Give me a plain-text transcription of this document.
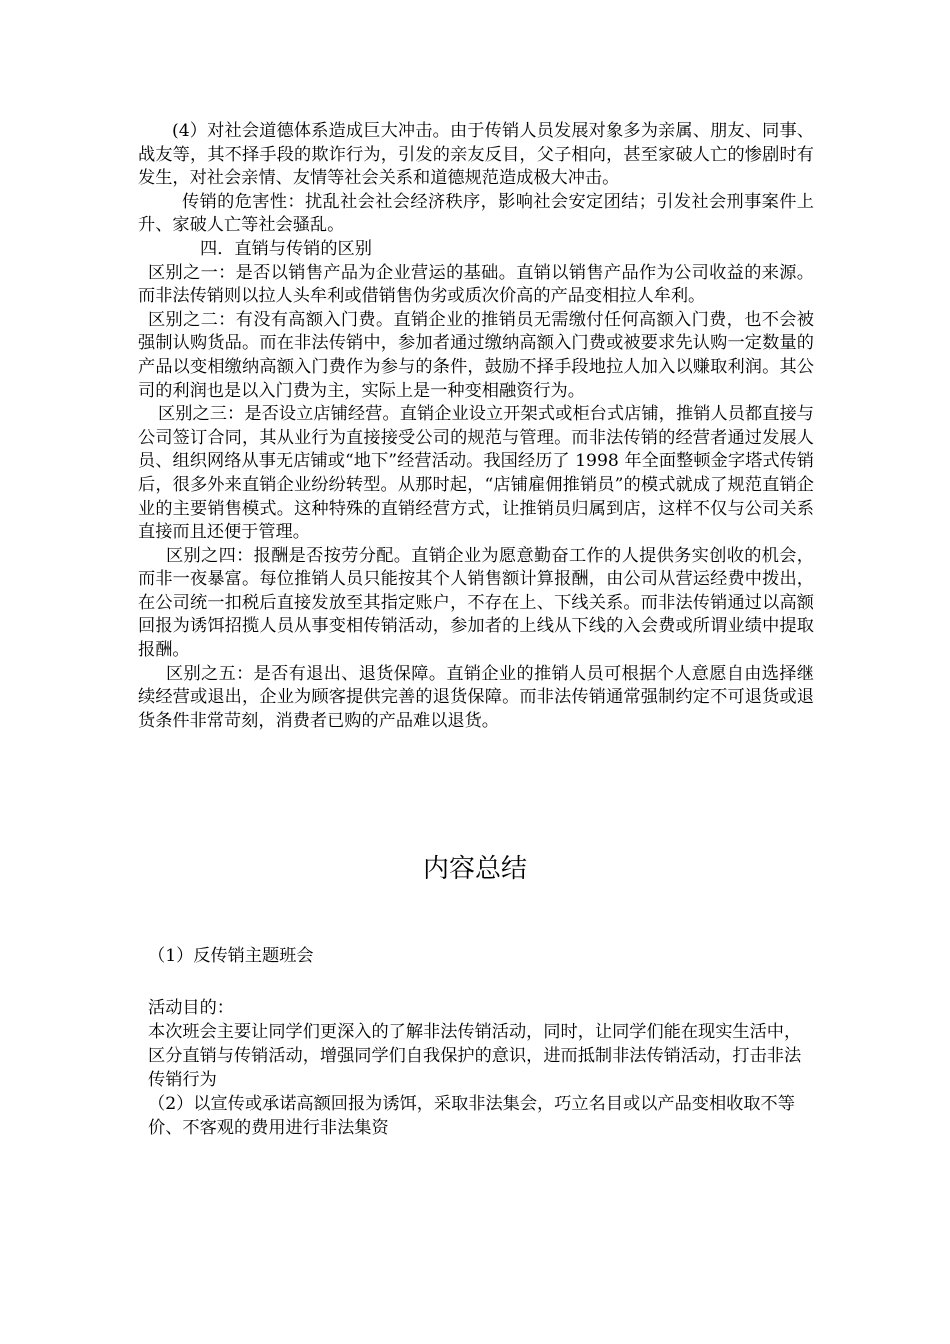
(4）对社会道德体系造成巨大冲击。由于传销人员发展对象多为亲属、朋友、同事、战友等，其不择手段的欺诈行为，引发的亲友反目，父子相向，甚至家破人亡的惨剧时有发生，对社会亲情、友情等社会关系和道德规范造成极大冲击。

传销的危害性：扰乱社会社会经济秩序，影响社会安定团结；引发社会刑事案件上升、家破人亡等社会骚乱。

四．直销与传销的区别

区别之一：是否以销售产品为企业营运的基础。直销以销售产品作为公司收益的来源。而非法传销则以拉人头牟利或借销售伪劣或质次价高的产品变相拉人牟利。

区别之二：有没有高额入门费。直销企业的推销员无需缴付任何高额入门费，也不会被强制认购货品。而在非法传销中，参加者通过缴纳高额入门费或被要求先认购一定数量的产品以变相缴纳高额入门费作为参与的条件，鼓励不择手段地拉人加入以赚取利润。其公司的利润也是以入门费为主，实际上是一种变相融资行为。

区别之三：是否设立店铺经营。直销企业设立开架式或柜台式店铺，推销人员都直接与公司签订合同，其从业行为直接接受公司的规范与管理。而非法传销的经营者通过发展人员、组织网络从事无店铺或“地下”经营活动。我国经历了 1998 年全面整顿金字塔式传销后，很多外来直销企业纷纷转型。从那时起，“店铺雇佣推销员”的模式就成了规范直销企业的主要销售模式。这种特殊的直销经营方式，让推销员归属到店，这样不仅与公司关系直接而且还便于管理。

区别之四：报酬是否按劳分配。直销企业为愿意勤奋工作的人提供务实创收的机会，而非一夜暴富。每位推销人员只能按其个人销售额计算报酬，由公司从营运经费中拨出，在公司统一扣税后直接发放至其指定账户，不存在上、下线关系。而非法传销通过以高额回报为诱饵招揽人员从事变相传销活动，参加者的上线从下线的入会费或所谓业绩中提取报酬。

区别之五：是否有退出、退货保障。直销企业的推销人员可根据个人意愿自由选择继续经营或退出，企业为顾客提供完善的退货保障。而非法传销通常强制约定不可退货或退货条件非常苛刻，消费者已购的产品难以退货。

内容总结

（1）反传销主题班会

活动目的：

本次班会主要让同学们更深入的了解非法传销活动，同时，让同学们能在现实生活中，区分直销与传销活动，增强同学们自我保护的意识，进而抵制非法传销活动，打击非法传销行为

（2）以宣传或承诺高额回报为诱饵，采取非法集会，巧立名目或以产品变相收取不等价、不客观的费用进行非法集资
